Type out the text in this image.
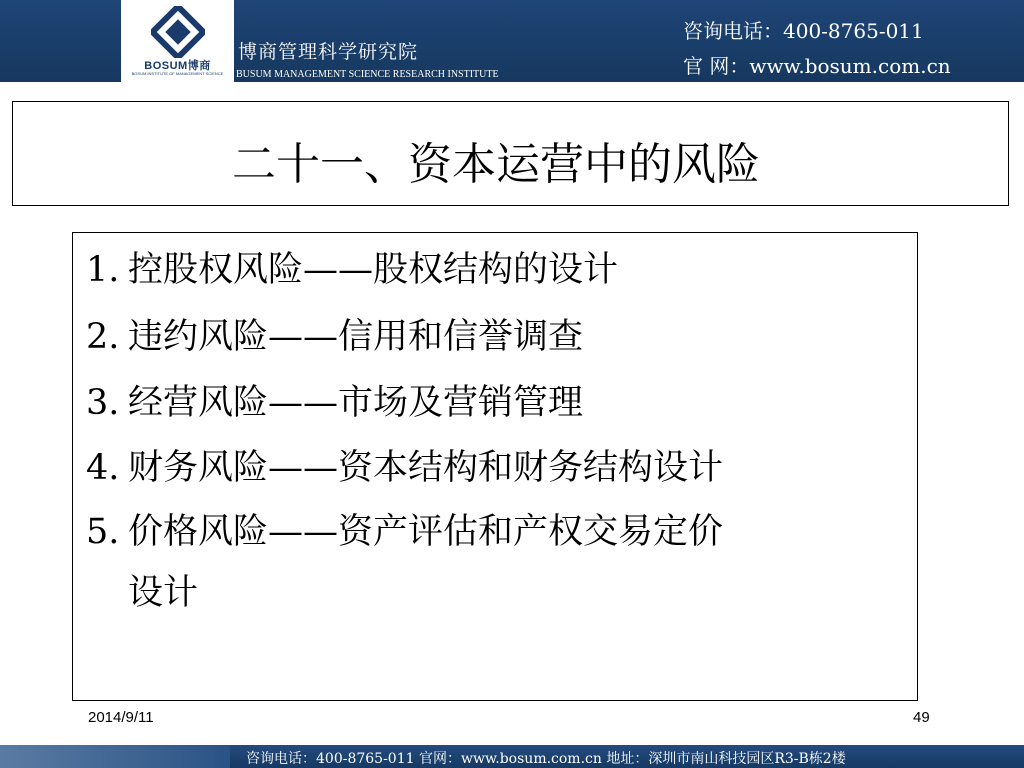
BOSUM博商
BOSUM INSTITUTE OF MANAGEMENT SCIENCE
博商管理科学研究院
BUSUM MANAGEMENT SCIENCE RESEARCH INSTITUTE
咨询电话：400-8765-011
官 网：www.bosum.com.cn
二十一、资本运营中的风险
1. 控股权风险——股权结构的设计
2. 违约风险——信用和信誉调查
3. 经营风险——市场及营销管理
4. 财务风险——资本结构和财务结构设计
5. 价格风险——资产评估和产权交易定价
设计
2014/9/11	49
咨询电话：400-8765-011 官网：www.bosum.com.cn 地址：深圳市南山科技园区R3-B栋2楼
